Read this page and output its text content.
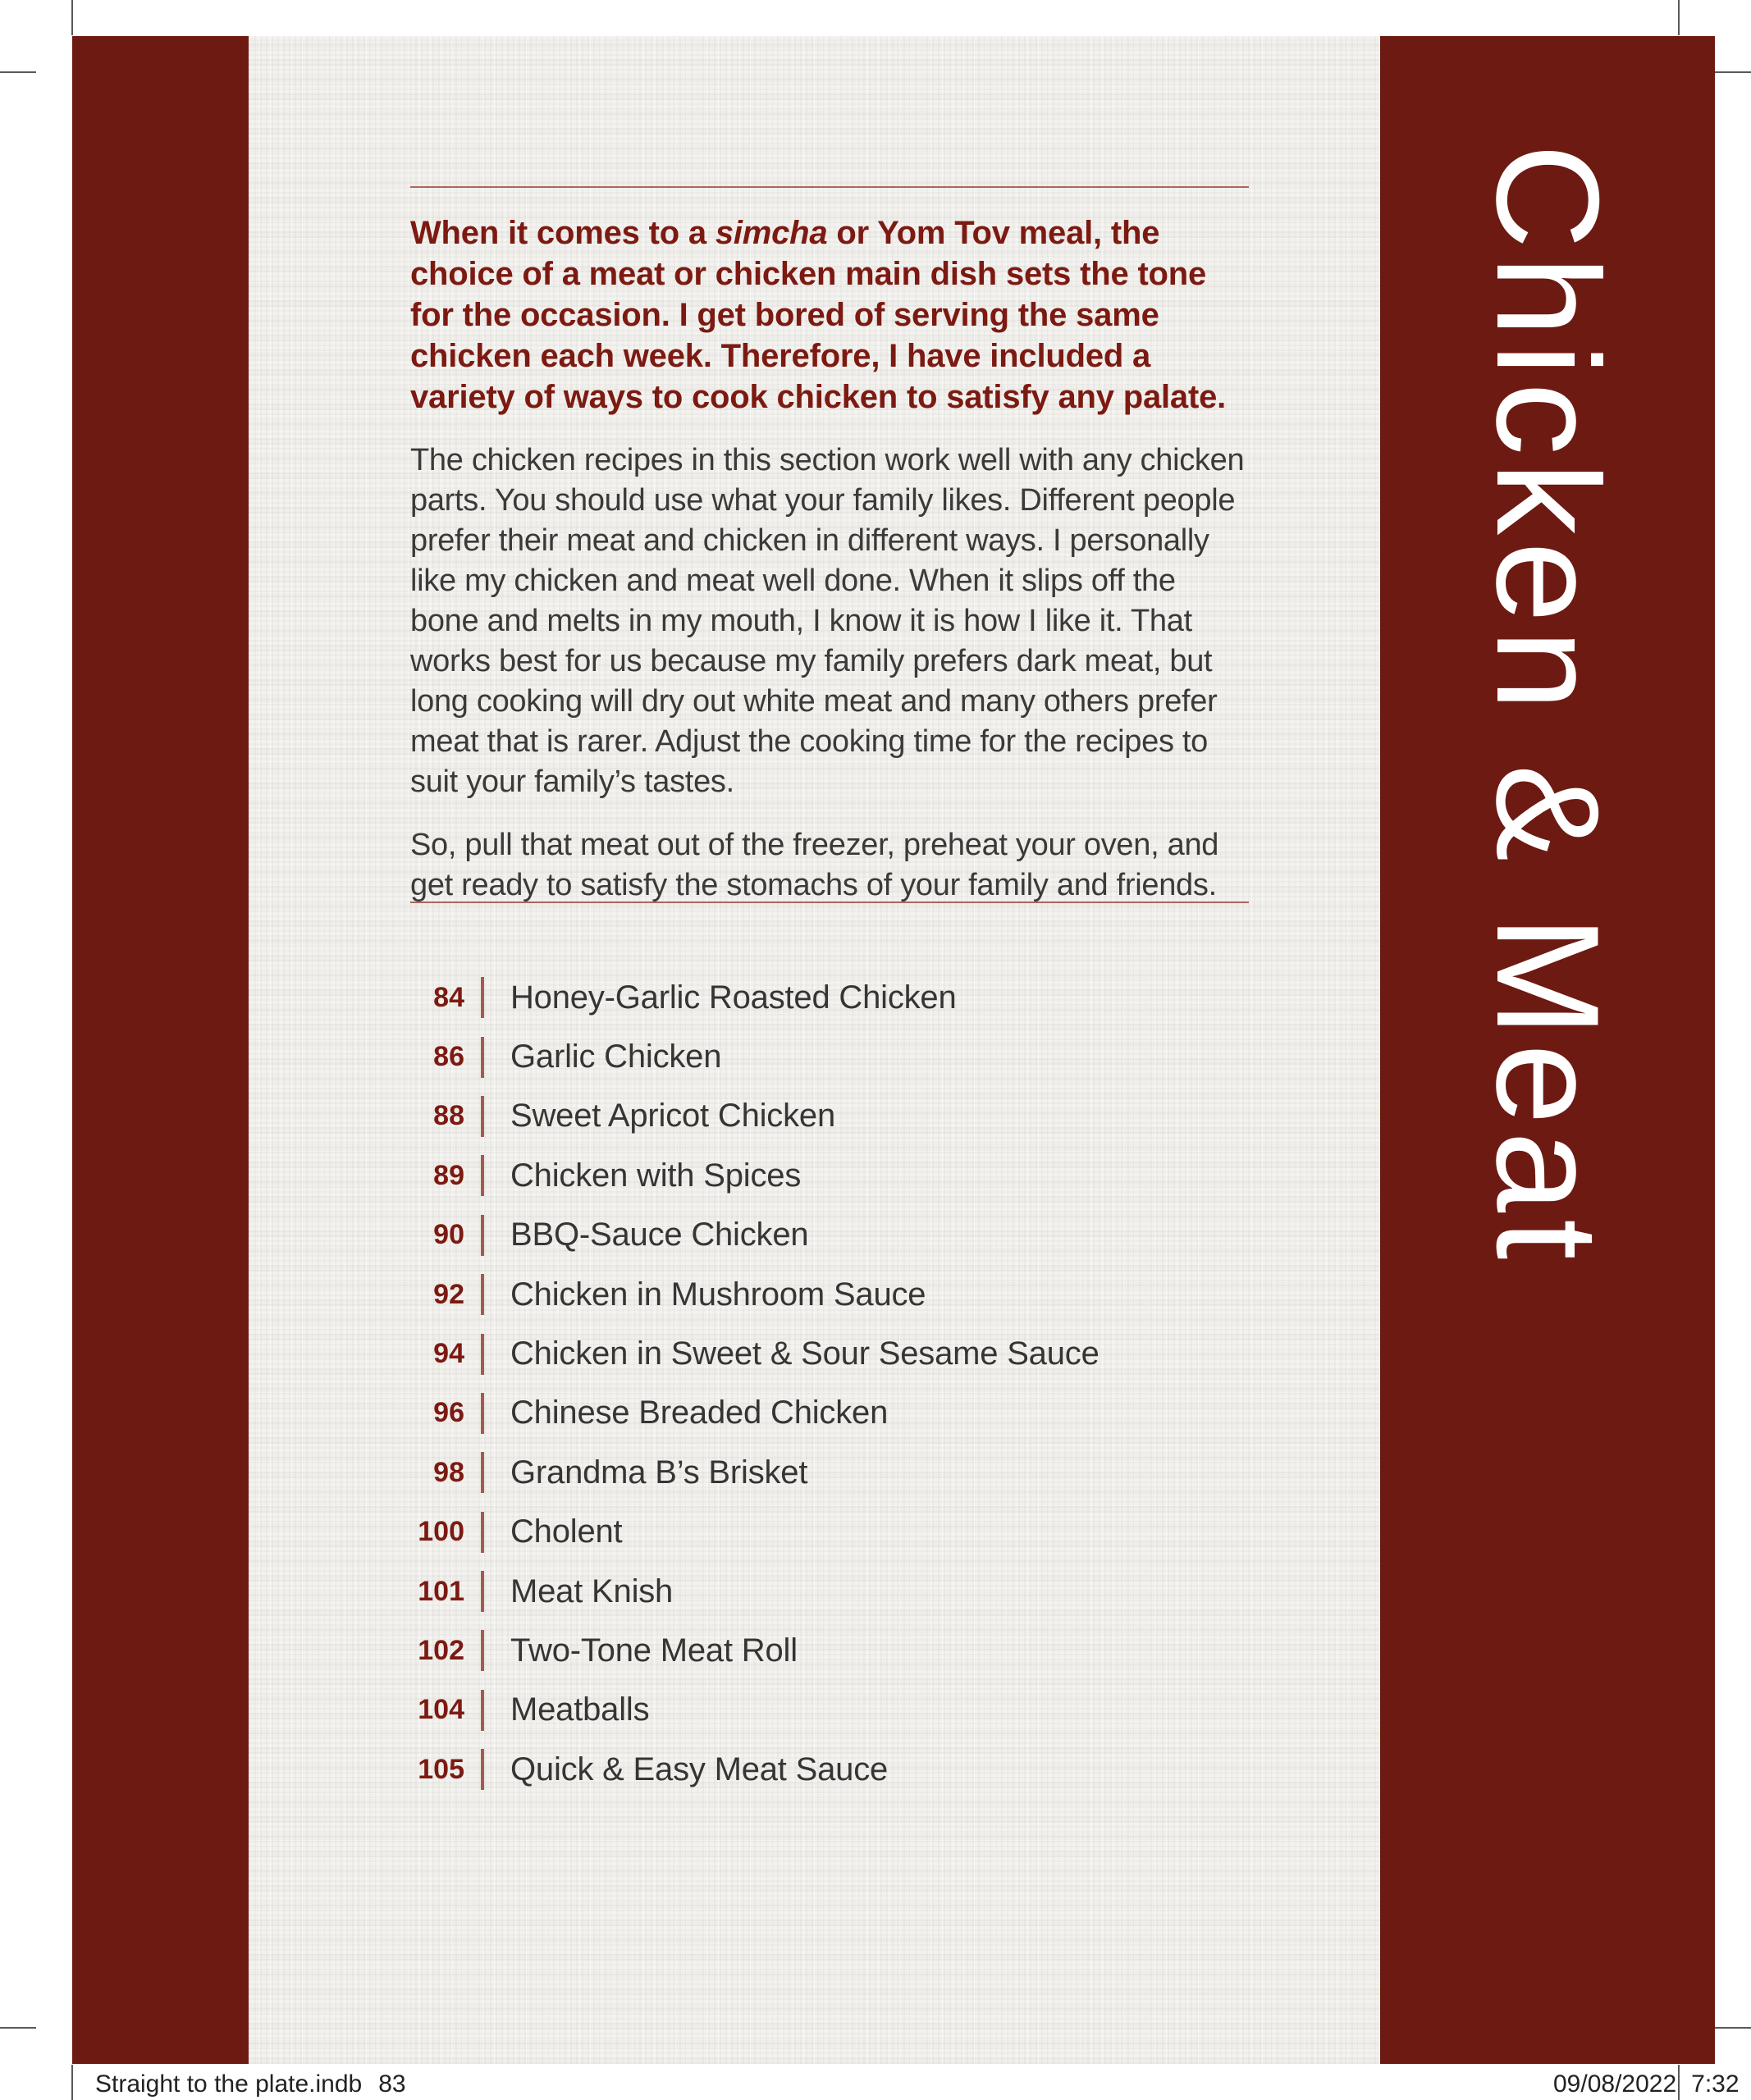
When it comes to a simcha or Yom Tov meal, the choice of a meat or chicken main dish sets the tone for the occasion. I get bored of serving the same chicken each week. Therefore, I have included a variety of ways to cook chicken to satisfy any palate.

The chicken recipes in this section work well with any chicken parts. You should use what your family likes. Different people prefer their meat and chicken in different ways. I personally like my chicken and meat well done. When it slips off the bone and melts in my mouth, I know it is how I like it. That works best for us because my family prefers dark meat, but long cooking will dry out white meat and many others prefer meat that is rarer. Adjust the cooking time for the recipes to suit your family’s tastes.

So, pull that meat out of the freezer, preheat your oven, and get ready to satisfy the stomachs of your family and friends.

84 Honey-Garlic Roasted Chicken
86 Garlic Chicken
88 Sweet Apricot Chicken
89 Chicken with Spices
90 BBQ-Sauce Chicken
92 Chicken in Mushroom Sauce
94 Chicken in Sweet & Sour Sesame Sauce
96 Chinese Breaded Chicken
98 Grandma B’s Brisket
100 Cholent
101 Meat Knish
102 Two-Tone Meat Roll
104 Meatballs
105 Quick & Easy Meat Sauce
Chicken & Meat
Straight to the plate.indb 83	09/08/2022 7:32
